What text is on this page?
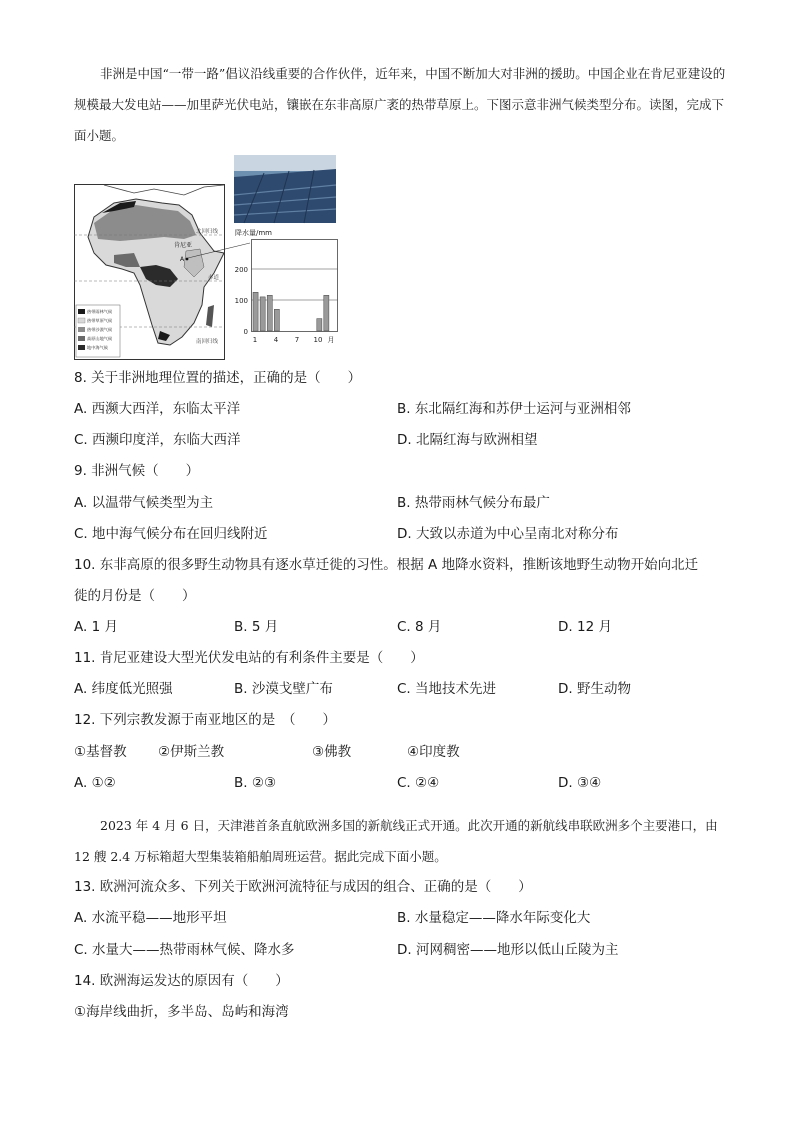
非洲是中国“一带一路”倡议沿线重要的合作伙伴，近年来，中国不断加大对非洲的援助。中国企业在肯尼亚建设的规模最大发电站——加里萨光伏电站，镶嵌在东非高原广袤的热带草原上。下图示意非洲气候类型分布。读图，完成下面小题。
北回归线
赤道
南回归线
肯尼亚
A
热带雨林气候
热带草原气候
热带沙漠气候
高原山地气候
地中海气候
降水量/mm
200
100
0
1 4 7 10 月
8. 关于非洲地理位置的描述，正确的是（　　）
A. 西濒大西洋，东临太平洋	B. 东北隔红海和苏伊士运河与亚洲相邻
C. 西濒印度洋，东临大西洋	D. 北隔红海与欧洲相望
9. 非洲气候（　　）
A. 以温带气候类型为主	B. 热带雨林气候分布最广
C. 地中海气候分布在回归线附近	D. 大致以赤道为中心呈南北对称分布
10. 东非高原的很多野生动物具有逐水草迁徙的习性。根据 A 地降水资料，推断该地野生动物开始向北迁
徙的月份是（　　）
A. 1 月	B. 5 月	C. 8 月	D. 12 月
11. 肯尼亚建设大型光伏发电站的有利条件主要是（　　）
A. 纬度低光照强	B. 沙漠戈壁广布	C. 当地技术先进	D. 野生动物
12. 下列宗教发源于南亚地区的是　（　　）
①基督教 ②伊斯兰教	③佛教	④印度教
A. ①②	B. ②③	C. ②④	D. ③④
2023 年 4 月 6 日，天津港首条直航欧洲多国的新航线正式开通。此次开通的新航线串联欧洲多个主要港口，由 12 艘 2.4 万标箱超大型集装箱船舶周班运营。据此完成下面小题。
13. 欧洲河流众多、下列关于欧洲河流特征与成因的组合、正确的是（　　）
A. 水流平稳——地形平坦	B. 水量稳定——降水年际变化大
C. 水量大——热带雨林气候、降水多	D. 河网稠密——地形以低山丘陵为主
14. 欧洲海运发达的原因有（　　）
①海岸线曲折，多半岛、岛屿和海湾
